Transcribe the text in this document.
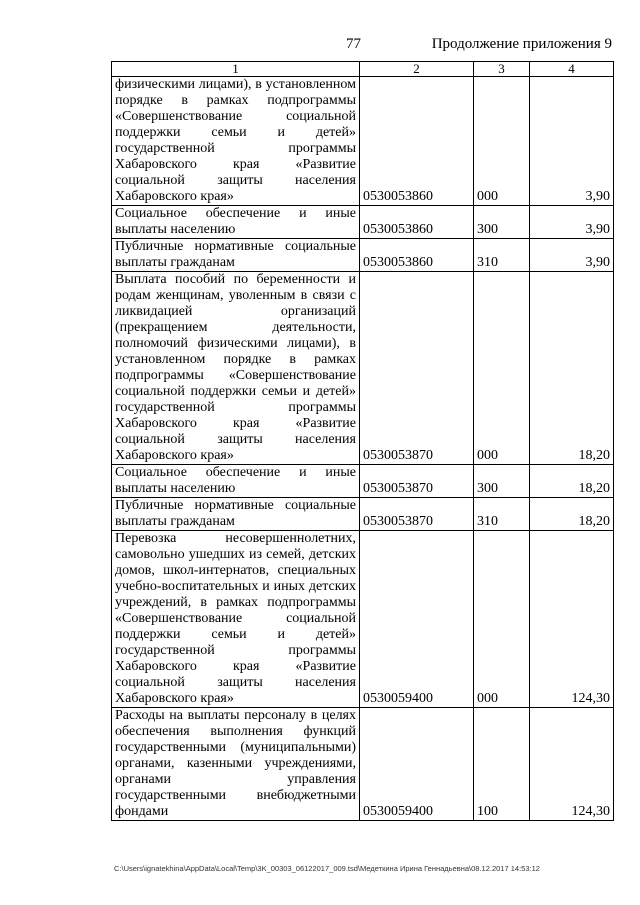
77	Продолжение приложения 9
1	2	3	4
физическими лицами), в установленном порядке в рамках подпрограммы «Совершенствование социальной поддержки семьи и детей» государственной программы Хабаровского края «Развитие социальной защиты населения Хабаровского края»	0530053860	000	3,90
Социальное обеспечение и иные выплаты населению	0530053860	300	3,90
Публичные нормативные социальные выплаты гражданам	0530053860	310	3,90
Выплата пособий по беременности и родам женщинам, уволенным в связи с ликвидацией организаций (прекращением деятельности, полномочий физическими лицами), в установленном порядке в рамках подпрограммы «Совершенствование социальной поддержки семьи и детей» государственной программы Хабаровского края «Развитие социальной защиты населения Хабаровского края»	0530053870	000	18,20
Социальное обеспечение и иные выплаты населению	0530053870	300	18,20
Публичные нормативные социальные выплаты гражданам	0530053870	310	18,20
Перевозка несовершеннолетних, самовольно ушедших из семей, детских домов, школ-интернатов, специальных учебно-воспитательных и иных детских учреждений, в рамках подпрограммы «Совершенствование социальной поддержки семьи и детей» государственной программы Хабаровского края «Развитие социальной защиты населения Хабаровского края»	0530059400	000	124,30
Расходы на выплаты персоналу в целях обеспечения выполнения функций государственными (муниципальными) органами, казенными учреждениями, органами управления государственными внебюджетными фондами	0530059400	100	124,30
C:\Users\ignatekhina\AppData\Local\Temp\3K_00303_06122017_009.tsd\Медеткина Ирина Геннадьевна\08.12.2017 14:53:12
